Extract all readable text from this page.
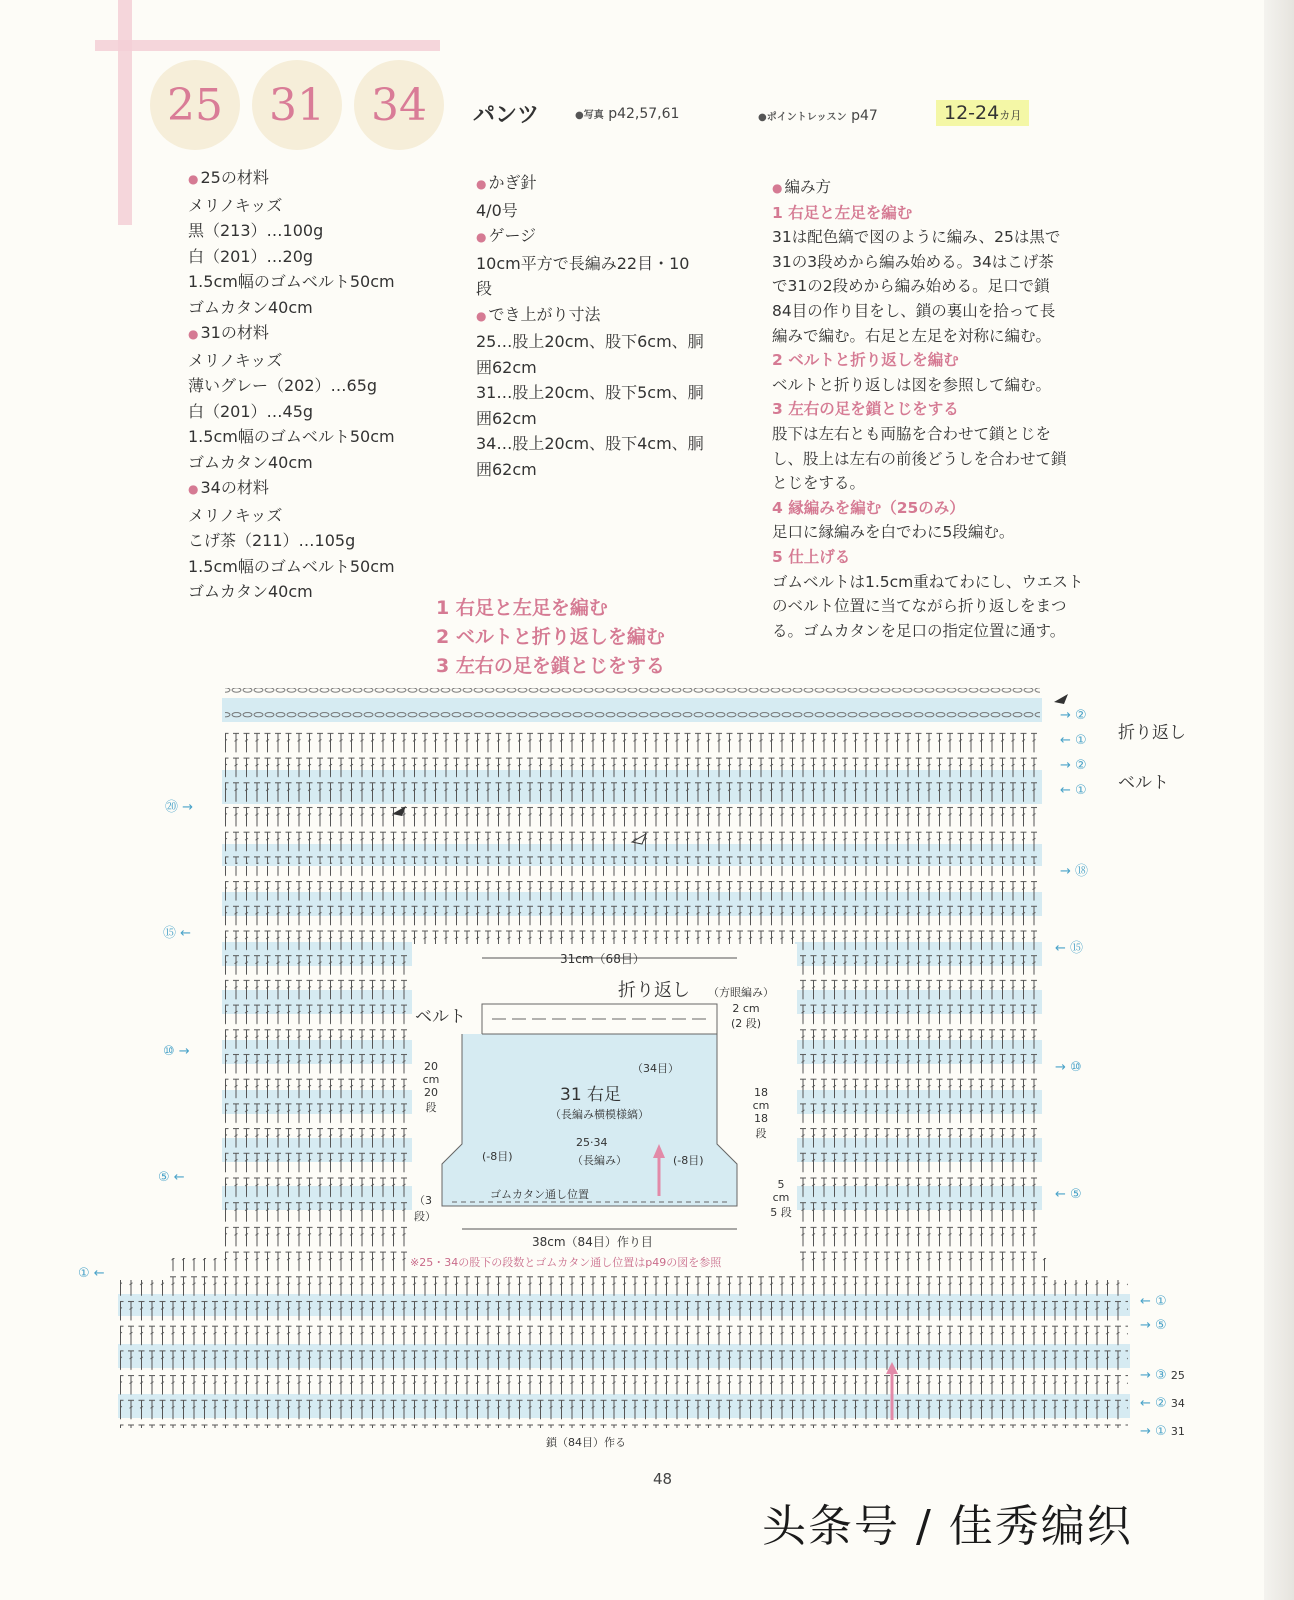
25	31	34	パンツ	●写真 p42,57,61	●ポイントレッスン p47	12-24カ月
● 25の材料
メリノキッズ
黒（213）…100g
白（201）…20g
1.5cm幅のゴムベルト50cm
ゴムカタン40cm
● 31の材料
メリノキッズ
薄いグレー（202）…65g
白（201）…45g
1.5cm幅のゴムベルト50cm
ゴムカタン40cm
● 34の材料
メリノキッズ
こげ茶（211）…105g
1.5cm幅のゴムベルト50cm
ゴムカタン40cm
● かぎ針
4/0号
● ゲージ
10cm平方で長編み22目・10
段
● でき上がり寸法
25…股上20cm、股下6cm、胴
囲62cm
31…股上20cm、股下5cm、胴
囲62cm
34…股上20cm、股下4cm、胴
囲62cm
● 編み方
1 右足と左足を編む
31は配色縞で図のように編み、25は黒で
31の3段めから編み始める。34はこげ茶
で31の2段めから編み始める。足口で鎖
84目の作り目をし、鎖の裏山を拾って長
編みで編む。右足と左足を対称に編む。
2 ベルトと折り返しを編む
ベルトと折り返しは図を参照して編む。
3 左右の足を鎖とじをする
股下は左右とも両脇を合わせて鎖とじを
し、股上は左右の前後どうしを合わせて鎖
とじをする。
4 縁編みを編む（25のみ）
足口に縁編みを白でわに5段編む。
5 仕上げる
ゴムベルトは1.5cm重ねてわにし、ウエスト
のベルト位置に当てながら折り返しをまつ
る。ゴムカタンを足口の指定位置に通す。
1 右足と左足を編む
2 ベルトと折り返しを編む
3 左右の足を鎖とじをする
31cm（68目）
折り返し （方眼編み）
ベルト	2 cm (2 段)
（34目）
31 右足
（長編み横模様縞）
25·34
（長編み）
(-8目)	(-8目)
20 cm 20 段
18 cm 18 段
ゴムカタン通し位置
（3 段）
5 cm 5 段
38cm（84目）作り目
※25・34の股下の段数とゴムカタン通し位置はp49の図を参照
⑳ →
⑮ ←
⑩ →
⑤ ←
① ←
→ ②
← ① 折り返し
→ ②
← ① ベルト
→ ⑱
← ⑮
→ ⑩
← ⑤
← ①
→ ⑤
→ ③ 25
← ② 34
→ ① 31
鎖（84目）作る
48
头条号 / 佳秀编织
